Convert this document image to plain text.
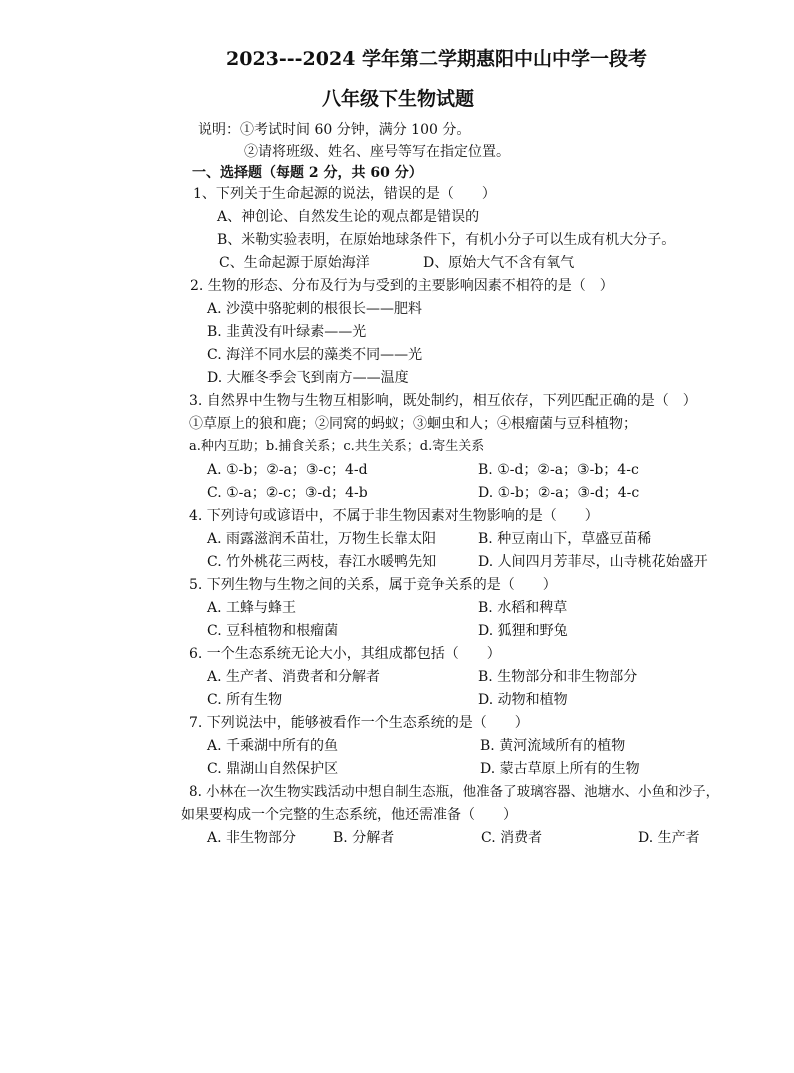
2023---2024 学年第二学期惠阳中山中学一段考
八年级下生物试题
说明：①考试时间 60 分钟，满分 100 分。
②请将班级、姓名、座号等写在指定位置。
一、选择题（每题 2 分，共 60 分）
1、下列关于生命起源的说法，错误的是（　　）
A、神创论、自然发生论的观点都是错误的
B、米勒实验表明，在原始地球条件下，有机小分子可以生成有机大分子。
C、生命起源于原始海洋	D、原始大气不含有氧气
2. 生物的形态、分布及行为与受到的主要影响因素不相符的是（　）
A. 沙漠中骆驼刺的根很长——肥料
B. 韭黄没有叶绿素——光
C. 海洋不同水层的藻类不同——光
D. 大雁冬季会飞到南方——温度
3. 自然界中生物与生物互相影响，既处制约，相互依存，下列匹配正确的是（　）
①草原上的狼和鹿；②同窝的蚂蚁；③蛔虫和人；④根瘤菌与豆科植物；
a.种内互助；b.捕食关系；c.共生关系；d.寄生关系
A. ①-b；②-a；③-c；4-d	B. ①-d；②-a；③-b；4-c
C. ①-a；②-c；③-d；4-b	D. ①-b；②-a；③-d；4-c
4. 下列诗句或谚语中，不属于非生物因素对生物影响的是（　　）
A. 雨露滋润禾苗壮，万物生长靠太阳	B. 种豆南山下，草盛豆苗稀
C. 竹外桃花三两枝，春江水暖鸭先知	D. 人间四月芳菲尽，山寺桃花始盛开
5. 下列生物与生物之间的关系，属于竞争关系的是（　　）
A. 工蜂与蜂王	B. 水稻和稗草
C. 豆科植物和根瘤菌	D. 狐狸和野兔
6. 一个生态系统无论大小，其组成都包括（　　）
A. 生产者、消费者和分解者	B. 生物部分和非生物部分
C. 所有生物	D. 动物和植物
7. 下列说法中，能够被看作一个生态系统的是（　　）
A. 千乘湖中所有的鱼	B. 黄河流域所有的植物
C. 鼎湖山自然保护区	D. 蒙古草原上所有的生物
8. 小林在一次生物实践活动中想自制生态瓶，他准备了玻璃容器、池塘水、小鱼和沙子，
如果要构成一个完整的生态系统，他还需准备（　　）
A. 非生物部分	B. 分解者	C. 消费者	D. 生产者
